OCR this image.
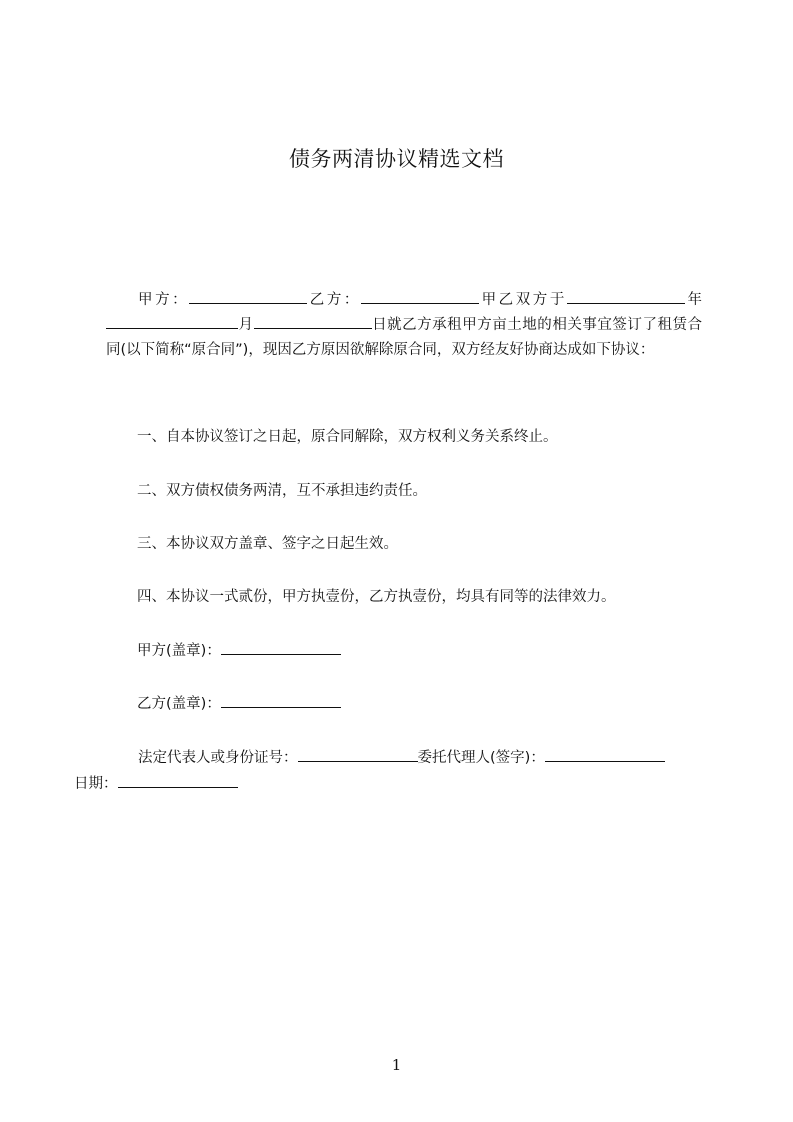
债务两清协议精选文档

甲方：	乙方：	甲乙双方于	年月	日就乙方承租甲方亩土地的相关事宜签订了租赁合同(以下简称“原合同”)，现因乙方原因欲解除原合同，双方经友好协商达成如下协议：

一、自本协议签订之日起，原合同解除，双方权利义务关系终止。

二、双方债权债务两清，互不承担违约责任。

三、本协议双方盖章、签字之日起生效。

四、本协议一式贰份，甲方执壹份，乙方执壹份，均具有同等的法律效力。

甲方(盖章)：

乙方(盖章)：

法定代表人或身份证号：	委托代理人(签字)：
日期：

1
